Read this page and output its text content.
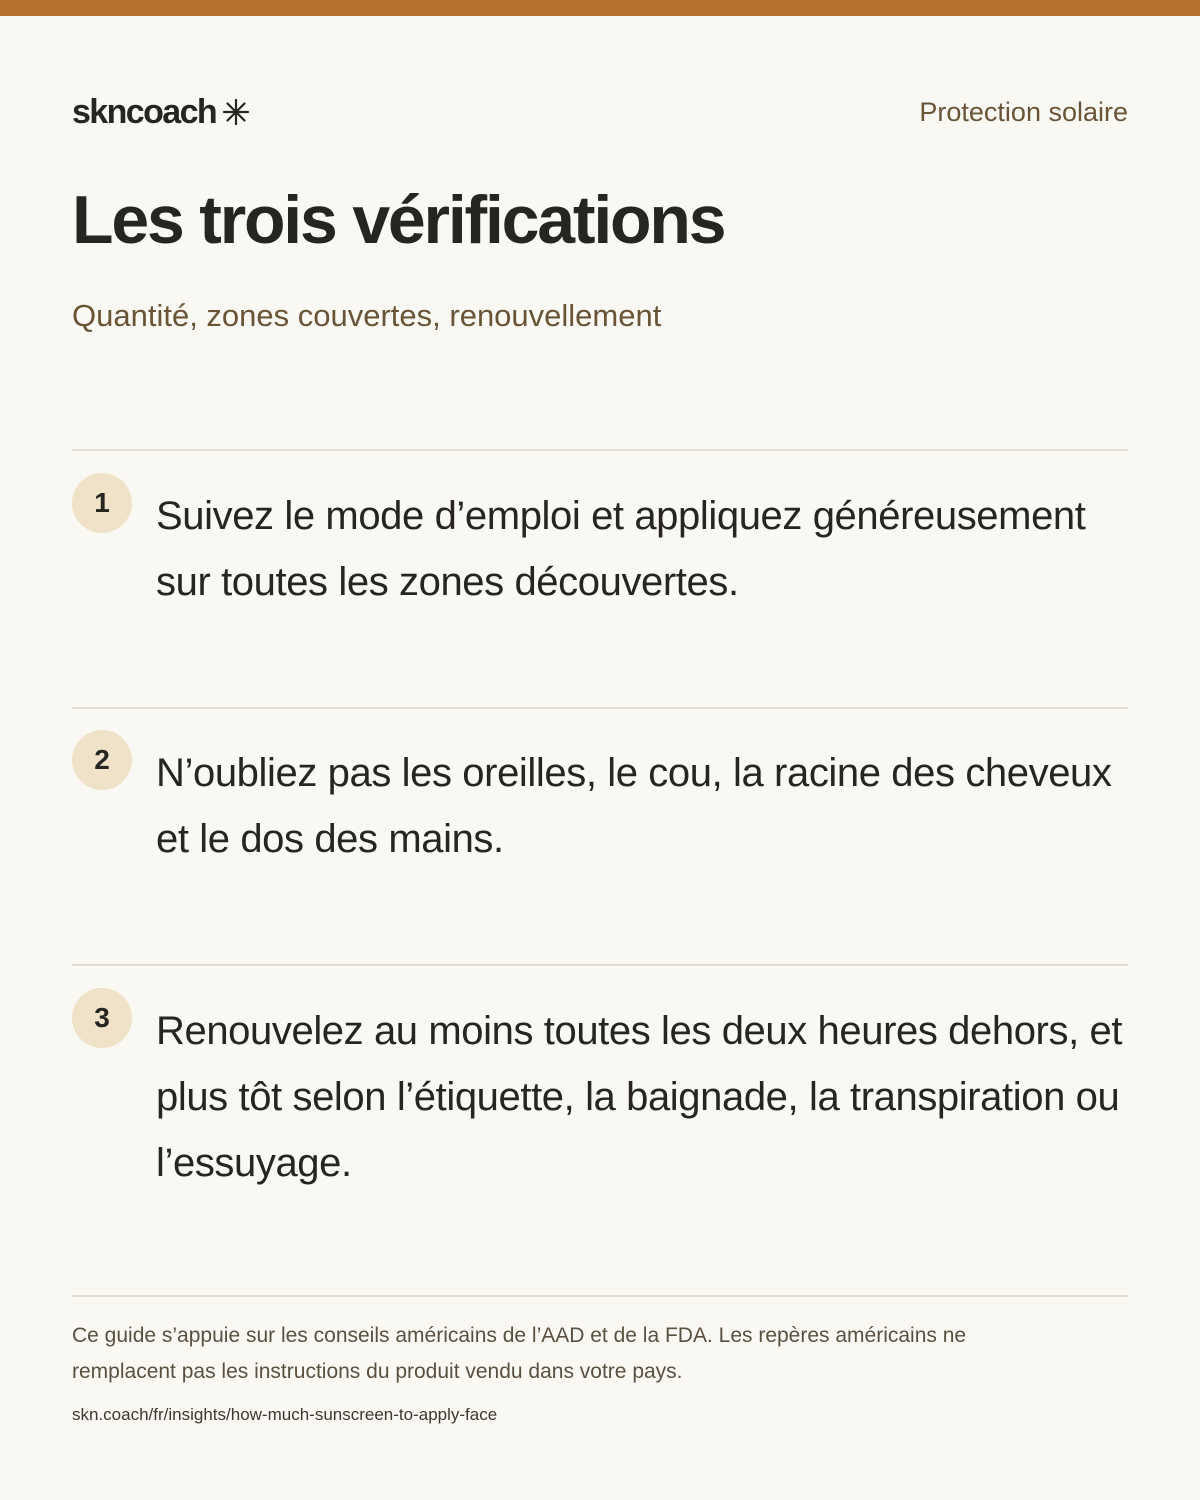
skncoach	Protection solaire
Les trois vérifications

Quantité, zones couvertes, renouvellement

1	Suivez le mode d’emploi et appliquez généreusement sur toutes les zones découvertes.

2	N’oubliez pas les oreilles, le cou, la racine des cheveux et le dos des mains.

3	Renouvelez au moins toutes les deux heures dehors, et plus tôt selon l’étiquette, la baignade, la transpiration ou l’essuyage.

Ce guide s’appuie sur les conseils américains de l’AAD et de la FDA. Les repères américains ne remplacent pas les instructions du produit vendu dans votre pays.

skn.coach/fr/insights/how-much-sunscreen-to-apply-face
